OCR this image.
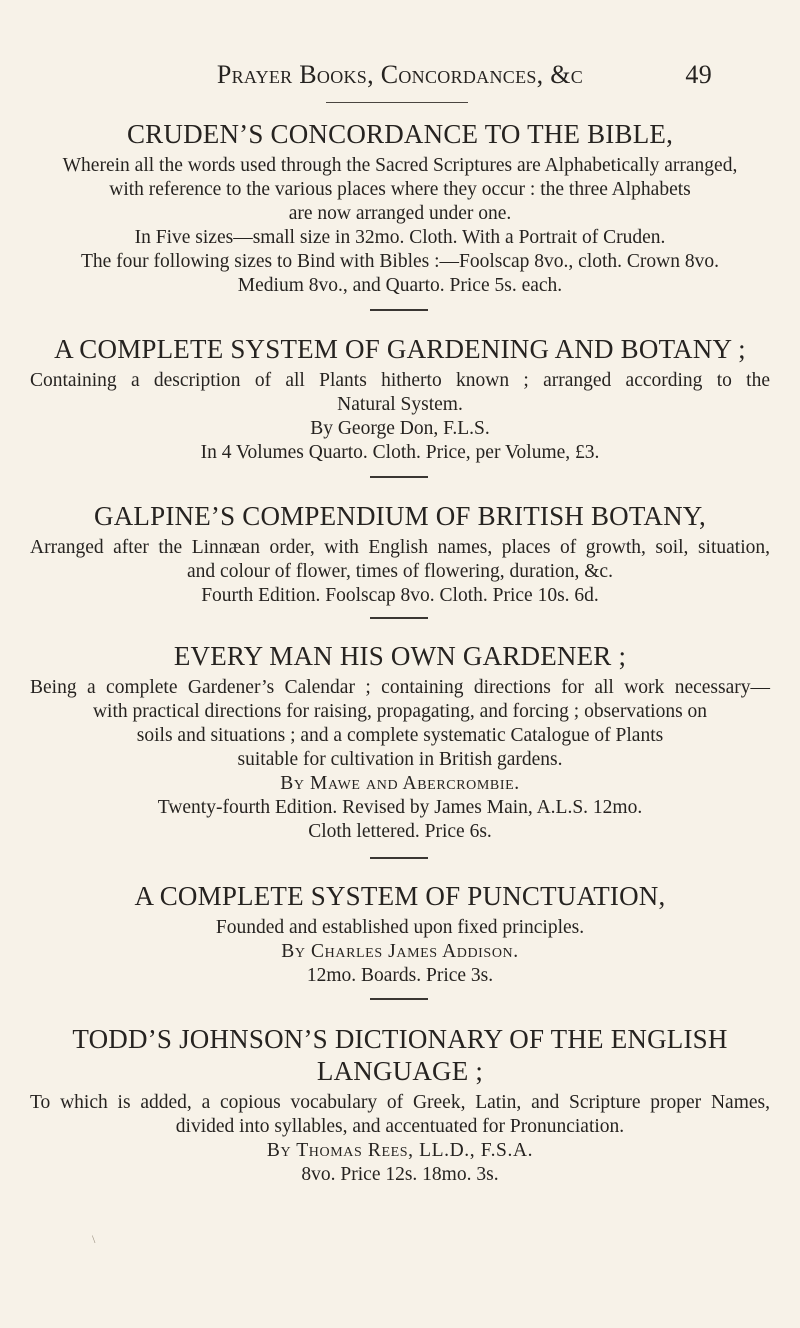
Prayer Books, Concordances, &c	49
CRUDEN’S CONCORDANCE TO THE BIBLE,
Wherein all the words used through the Sacred Scriptures are Alphabetically arranged,
with reference to the various places where they occur : the three Alphabets
are now arranged under one.
In Five sizes—small size in 32mo. Cloth. With a Portrait of Cruden.
The four following sizes to Bind with Bibles :—Foolscap 8vo., cloth. Crown 8vo.
Medium 8vo., and Quarto. Price 5s. each.
A COMPLETE SYSTEM OF GARDENING AND BOTANY ;
Containing a description of all Plants hitherto known ; arranged according to the
Natural System.
By George Don, F.L.S.
In 4 Volumes Quarto. Cloth. Price, per Volume, £3.
GALPINE’S COMPENDIUM OF BRITISH BOTANY,
Arranged after the Linnæan order, with English names, places of growth, soil, situation,
and colour of flower, times of flowering, duration, &c.
Fourth Edition. Foolscap 8vo. Cloth. Price 10s. 6d.
EVERY MAN HIS OWN GARDENER ;
Being a complete Gardener’s Calendar ; containing directions for all work necessary—
with practical directions for raising, propagating, and forcing ; observations on
soils and situations ; and a complete systematic Catalogue of Plants
suitable for cultivation in British gardens.
By Mawe and Abercrombie.
Twenty-fourth Edition. Revised by James Main, A.L.S. 12mo.
Cloth lettered. Price 6s.
A COMPLETE SYSTEM OF PUNCTUATION,
Founded and established upon fixed principles.
By Charles James Addison.
12mo. Boards. Price 3s.
TODD’S JOHNSON’S DICTIONARY OF THE ENGLISH
LANGUAGE ;
To which is added, a copious vocabulary of Greek, Latin, and Scripture proper Names,
divided into syllables, and accentuated for Pronunciation.
By Thomas Rees, LL.D., F.S.A.
8vo. Price 12s. 18mo. 3s.
\
